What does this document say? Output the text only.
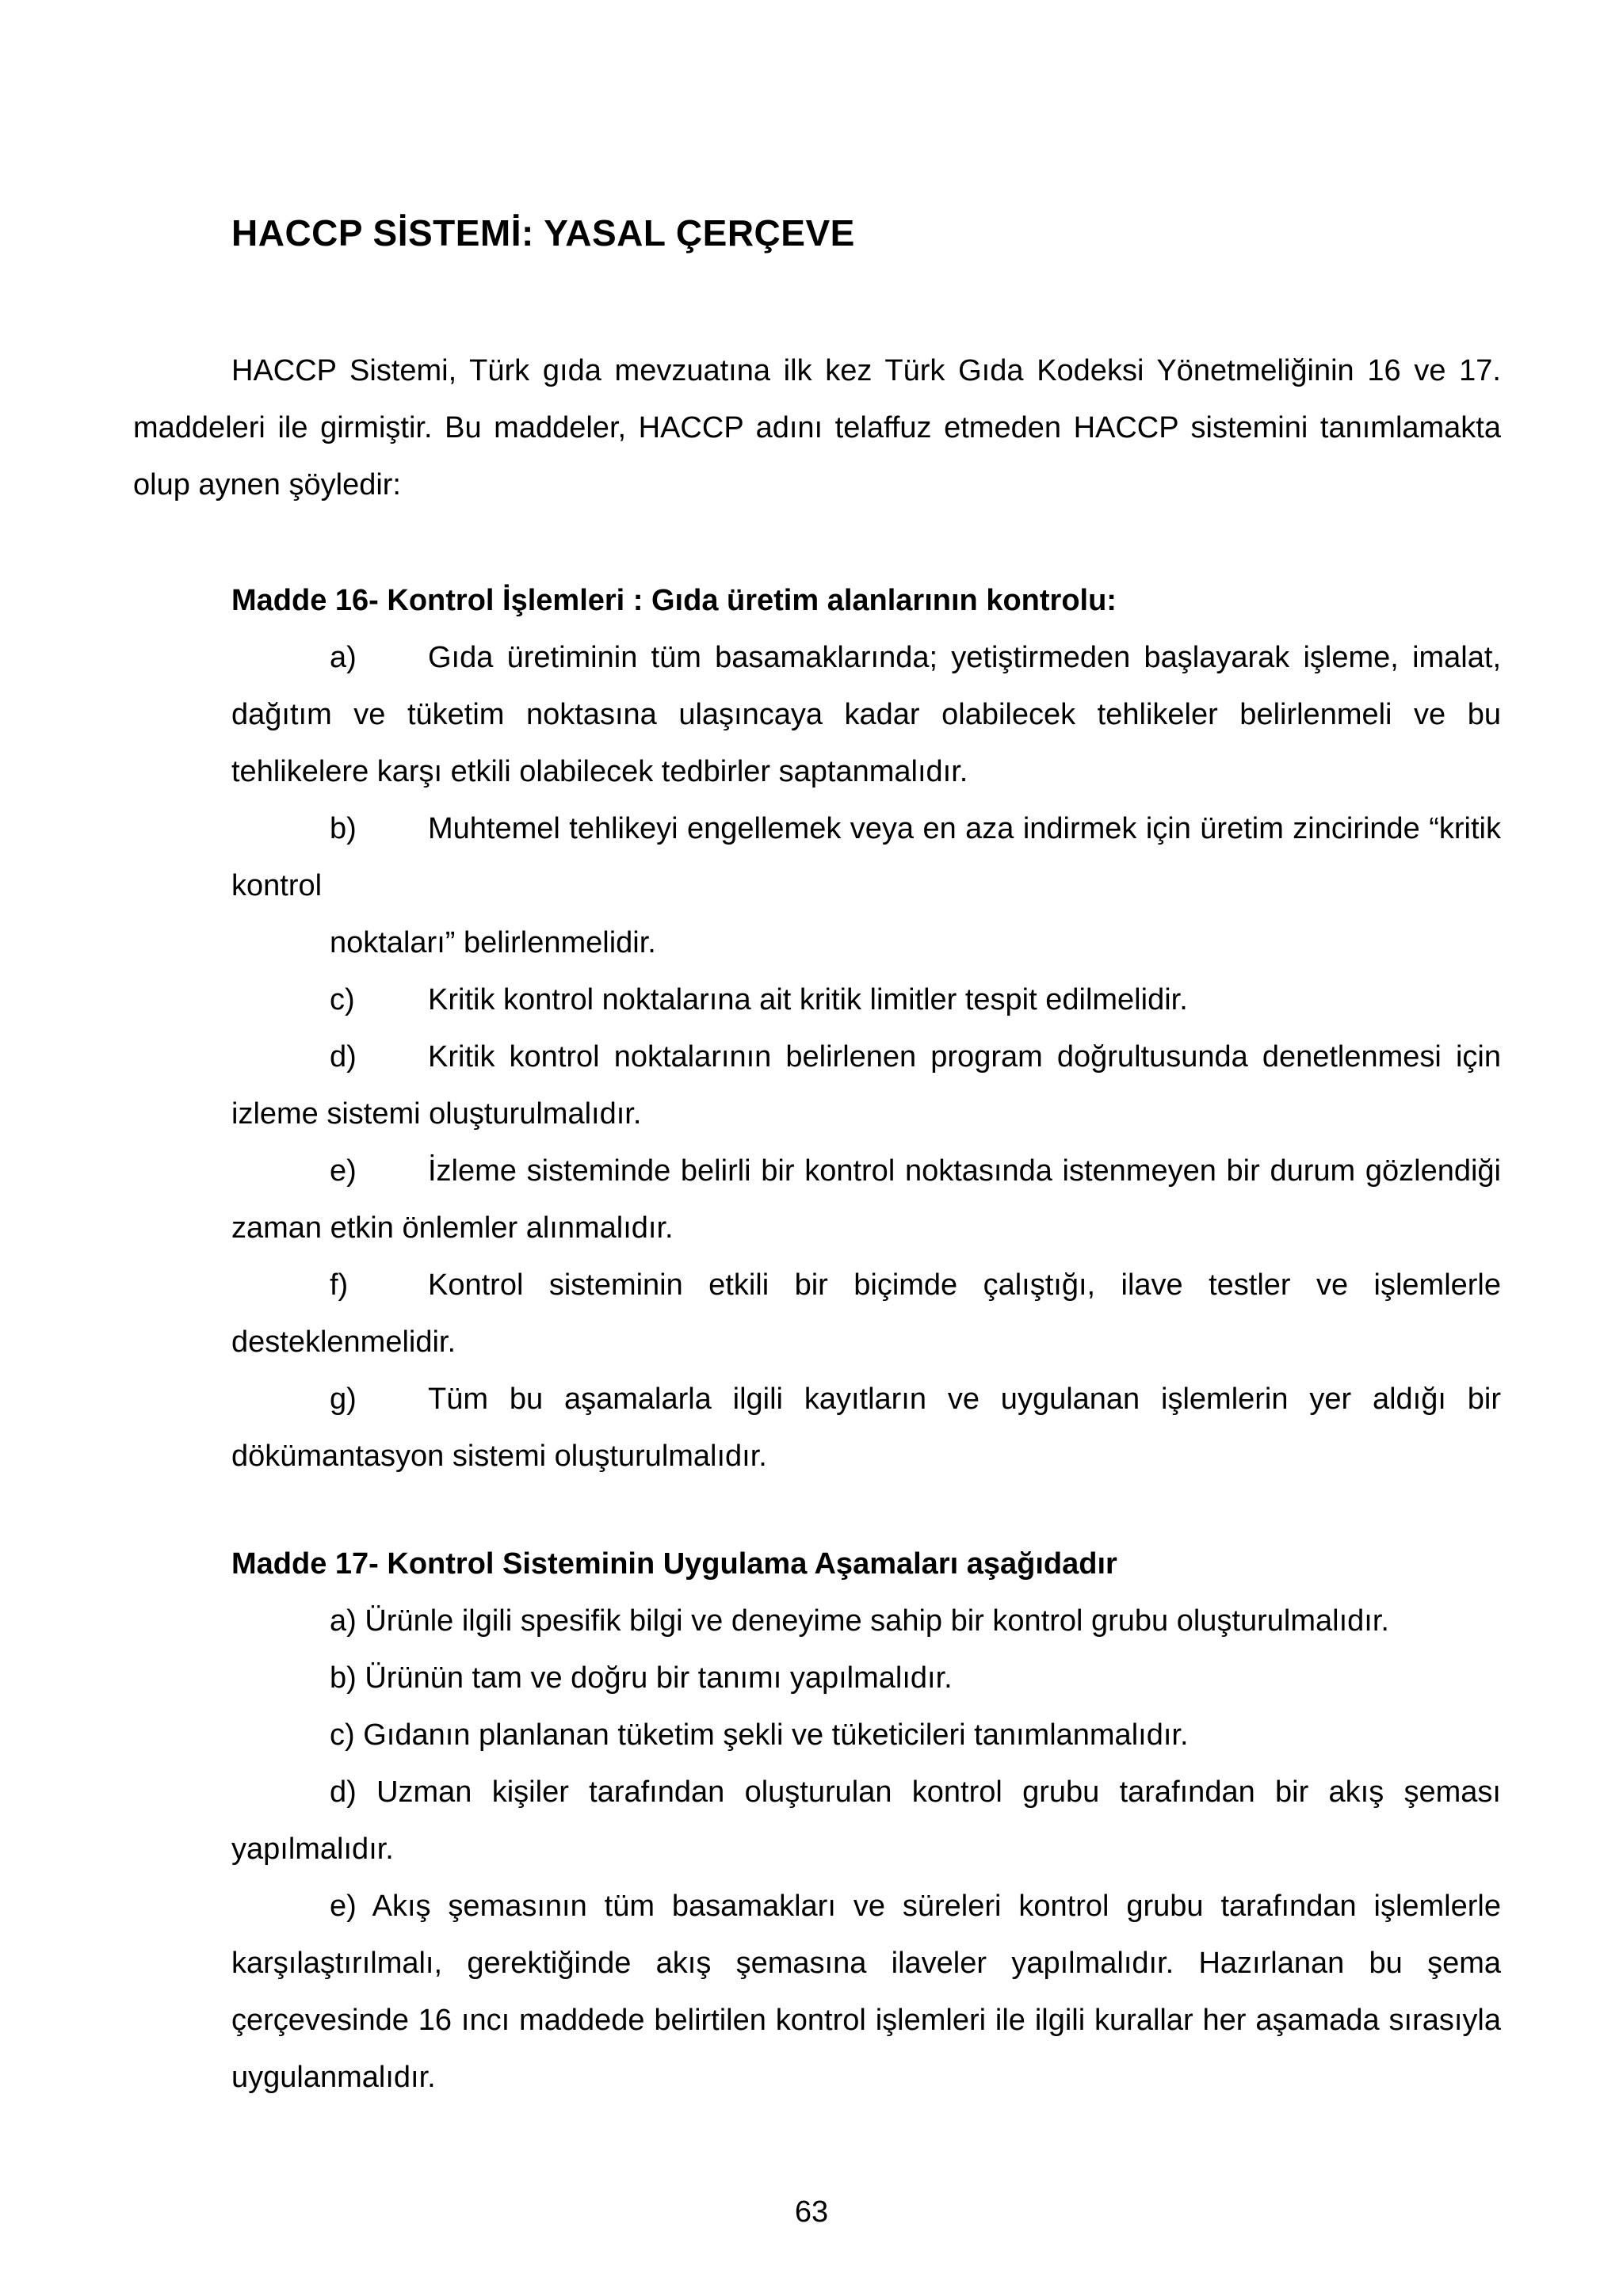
HACCP SİSTEMİ: YASAL ÇERÇEVE

HACCP Sistemi, Türk gıda mevzuatına ilk kez Türk Gıda Kodeksi Yönetmeliğinin 16 ve 17. maddeleri ile girmiştir. Bu maddeler, HACCP adını telaffuz etmeden HACCP sistemini tanımlamakta olup aynen şöyledir:

Madde 16- Kontrol İşlemleri : Gıda üretim alanlarının kontrolu:

a) Gıda üretiminin tüm basamaklarında; yetiştirmeden başlayarak işleme, imalat, dağıtım ve tüketim noktasına ulaşıncaya kadar olabilecek tehlikeler belirlenmeli ve bu tehlikelere karşı etkili olabilecek tedbirler saptanmalıdır.

b) Muhtemel tehlikeyi engellemek veya en aza indirmek için üretim zincirinde “kritik kontrol

noktaları” belirlenmelidir.

c) Kritik kontrol noktalarına ait kritik limitler tespit edilmelidir.

d) Kritik kontrol noktalarının belirlenen program doğrultusunda denetlenmesi için izleme sistemi oluşturulmalıdır.

e) İzleme sisteminde belirli bir kontrol noktasında istenmeyen bir durum gözlendiği zaman etkin önlemler alınmalıdır.

f)	Kontrol sisteminin etkili bir biçimde çalıştığı, ilave testler ve işlemlerle desteklenmelidir.

g) Tüm bu aşamalarla ilgili kayıtların ve uygulanan işlemlerin yer aldığı bir dökümantasyon sistemi oluşturulmalıdır.

Madde 17- Kontrol Sisteminin Uygulama Aşamaları aşağıdadır

a) Ürünle ilgili spesifik bilgi ve deneyime sahip bir kontrol grubu oluşturulmalıdır.

b) Ürünün tam ve doğru bir tanımı yapılmalıdır.

c) Gıdanın planlanan tüketim şekli ve tüketicileri tanımlanmalıdır.

d) Uzman kişiler tarafından oluşturulan kontrol grubu tarafından bir akış şeması yapılmalıdır.

e) Akış şemasının tüm basamakları ve süreleri kontrol grubu tarafından işlemlerle karşılaştırılmalı, gerektiğinde akış şemasına ilaveler yapılmalıdır. Hazırlanan bu şema çerçevesinde 16 ıncı maddede belirtilen kontrol işlemleri ile ilgili kurallar her aşamada sırasıyla uygulanmalıdır.

63
